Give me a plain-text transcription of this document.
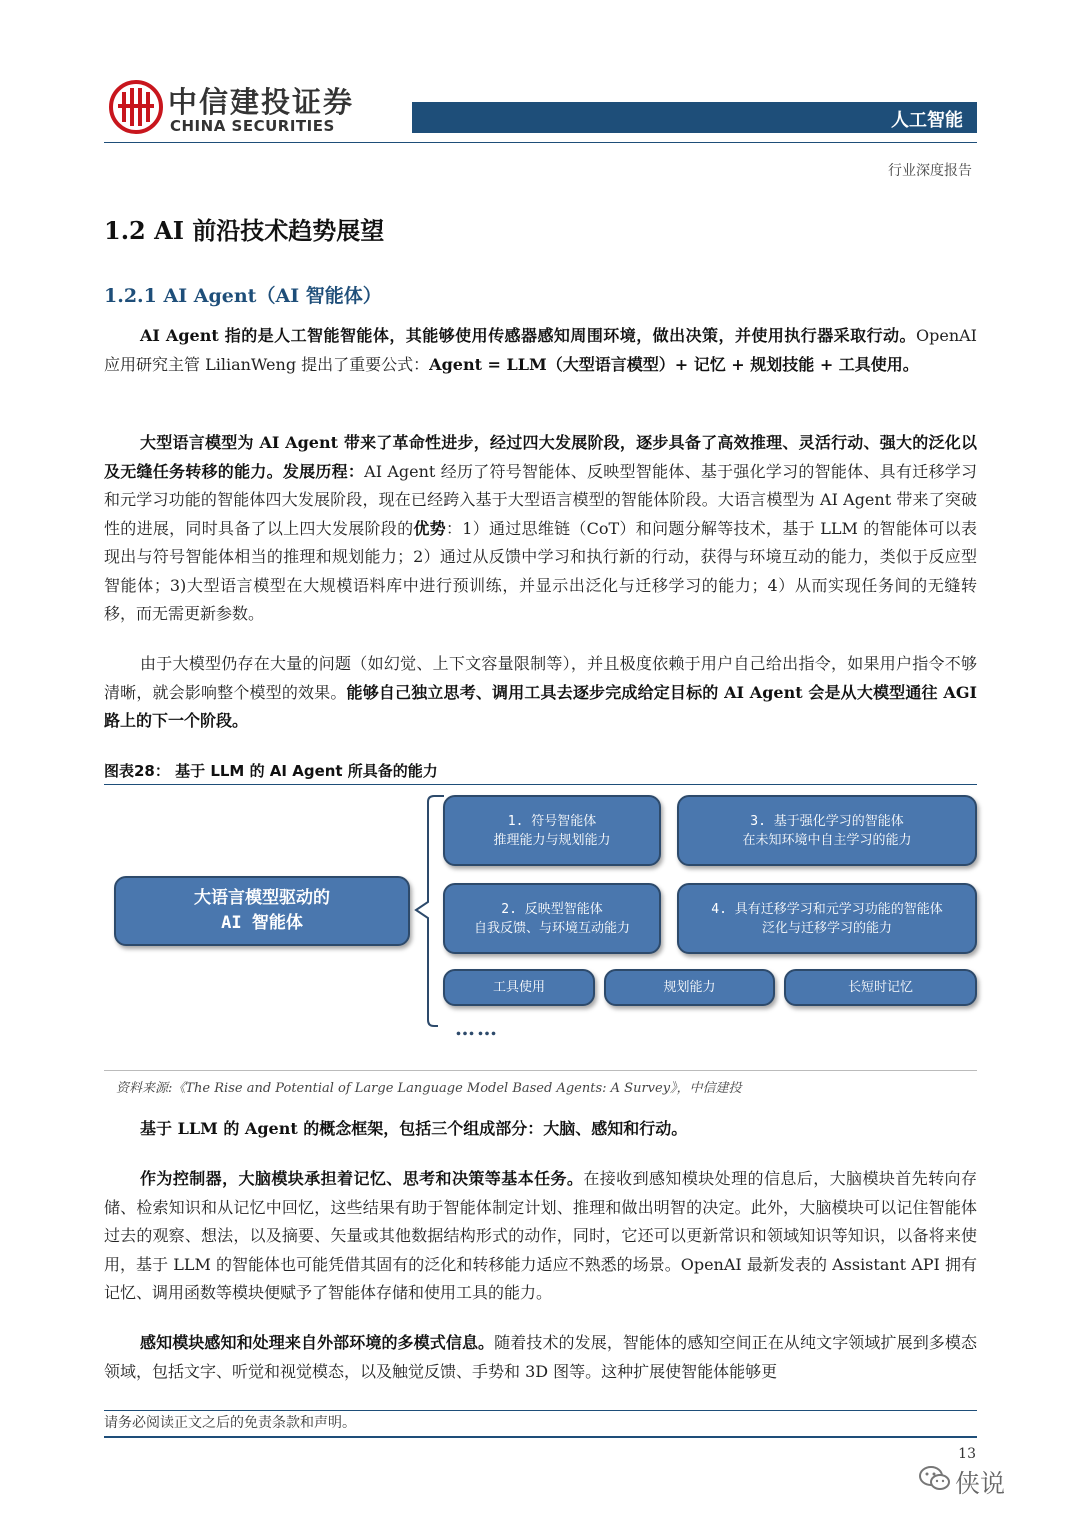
中信建投证券
CHINA SECURITIES	人工智能
行业深度报告
1.2 AI 前沿技术趋势展望
1.2.1 AI Agent（AI 智能体）
AI Agent 指的是人工智能智能体，其能够使用传感器感知周围环境，做出决策，并使用执行器采取行动。OpenAI 应用研究主管 LilianWeng 提出了重要公式：Agent = LLM（大型语言模型）+ 记忆 + 规划技能 + 工具使用。
大型语言模型为 AI Agent 带来了革命性进步，经过四大发展阶段，逐步具备了高效推理、灵活行动、强大的泛化以及无缝任务转移的能力。发展历程：AI Agent 经历了符号智能体、反映型智能体、基于强化学习的智能体、具有迁移学习和元学习功能的智能体四大发展阶段，现在已经跨入基于大型语言模型的智能体阶段。大语言模型为 AI Agent 带来了突破性的进展，同时具备了以上四大发展阶段的优势：1）通过思维链（CoT）和问题分解等技术，基于 LLM 的智能体可以表现出与符号智能体相当的推理和规划能力；2）通过从反馈中学习和执行新的行动，获得与环境互动的能力，类似于反应型智能体；3)大型语言模型在大规模语料库中进行预训练，并显示出泛化与迁移学习的能力；4）从而实现任务间的无缝转移，而无需更新参数。
由于大模型仍存在大量的问题（如幻觉、上下文容量限制等），并且极度依赖于用户自己给出指令，如果用户指令不够清晰，就会影响整个模型的效果。能够自己独立思考、调用工具去逐步完成给定目标的 AI Agent 会是从大模型通往 AGI 路上的下一个阶段。
图表28： 基于 LLM 的 AI Agent 所具备的能力
大语言模型驱动的
AI 智能体
1. 符号智能体
推理能力与规划能力
3. 基于强化学习的智能体
在未知环境中自主学习的能力
2. 反映型智能体
自我反馈、与环境互动能力
4. 具有迁移学习和元学习功能的智能体
泛化与迁移学习的能力
工具使用	规划能力	长短时记忆
……
资料来源:《The Rise and Potential of Large Language Model Based Agents: A Survey》，中信建投
基于 LLM 的 Agent 的概念框架，包括三个组成部分：大脑、感知和行动。
作为控制器，大脑模块承担着记忆、思考和决策等基本任务。在接收到感知模块处理的信息后，大脑模块首先转向存储、检索知识和从记忆中回忆，这些结果有助于智能体制定计划、推理和做出明智的决定。此外，大脑模块可以记住智能体过去的观察、想法，以及摘要、矢量或其他数据结构形式的动作，同时，它还可以更新常识和领域知识等知识，以备将来使用，基于 LLM 的智能体也可能凭借其固有的泛化和转移能力适应不熟悉的场景。OpenAI 最新发表的 Assistant API 拥有记忆、调用函数等模块便赋予了智能体存储和使用工具的能力。
感知模块感知和处理来自外部环境的多模式信息。随着技术的发展，智能体的感知空间正在从纯文字领域扩展到多模态领域，包括文字、听觉和视觉模态，以及触觉反馈、手势和 3D 图等。这种扩展使智能体能够更
请务必阅读正文之后的免责条款和声明。
13
侠说
